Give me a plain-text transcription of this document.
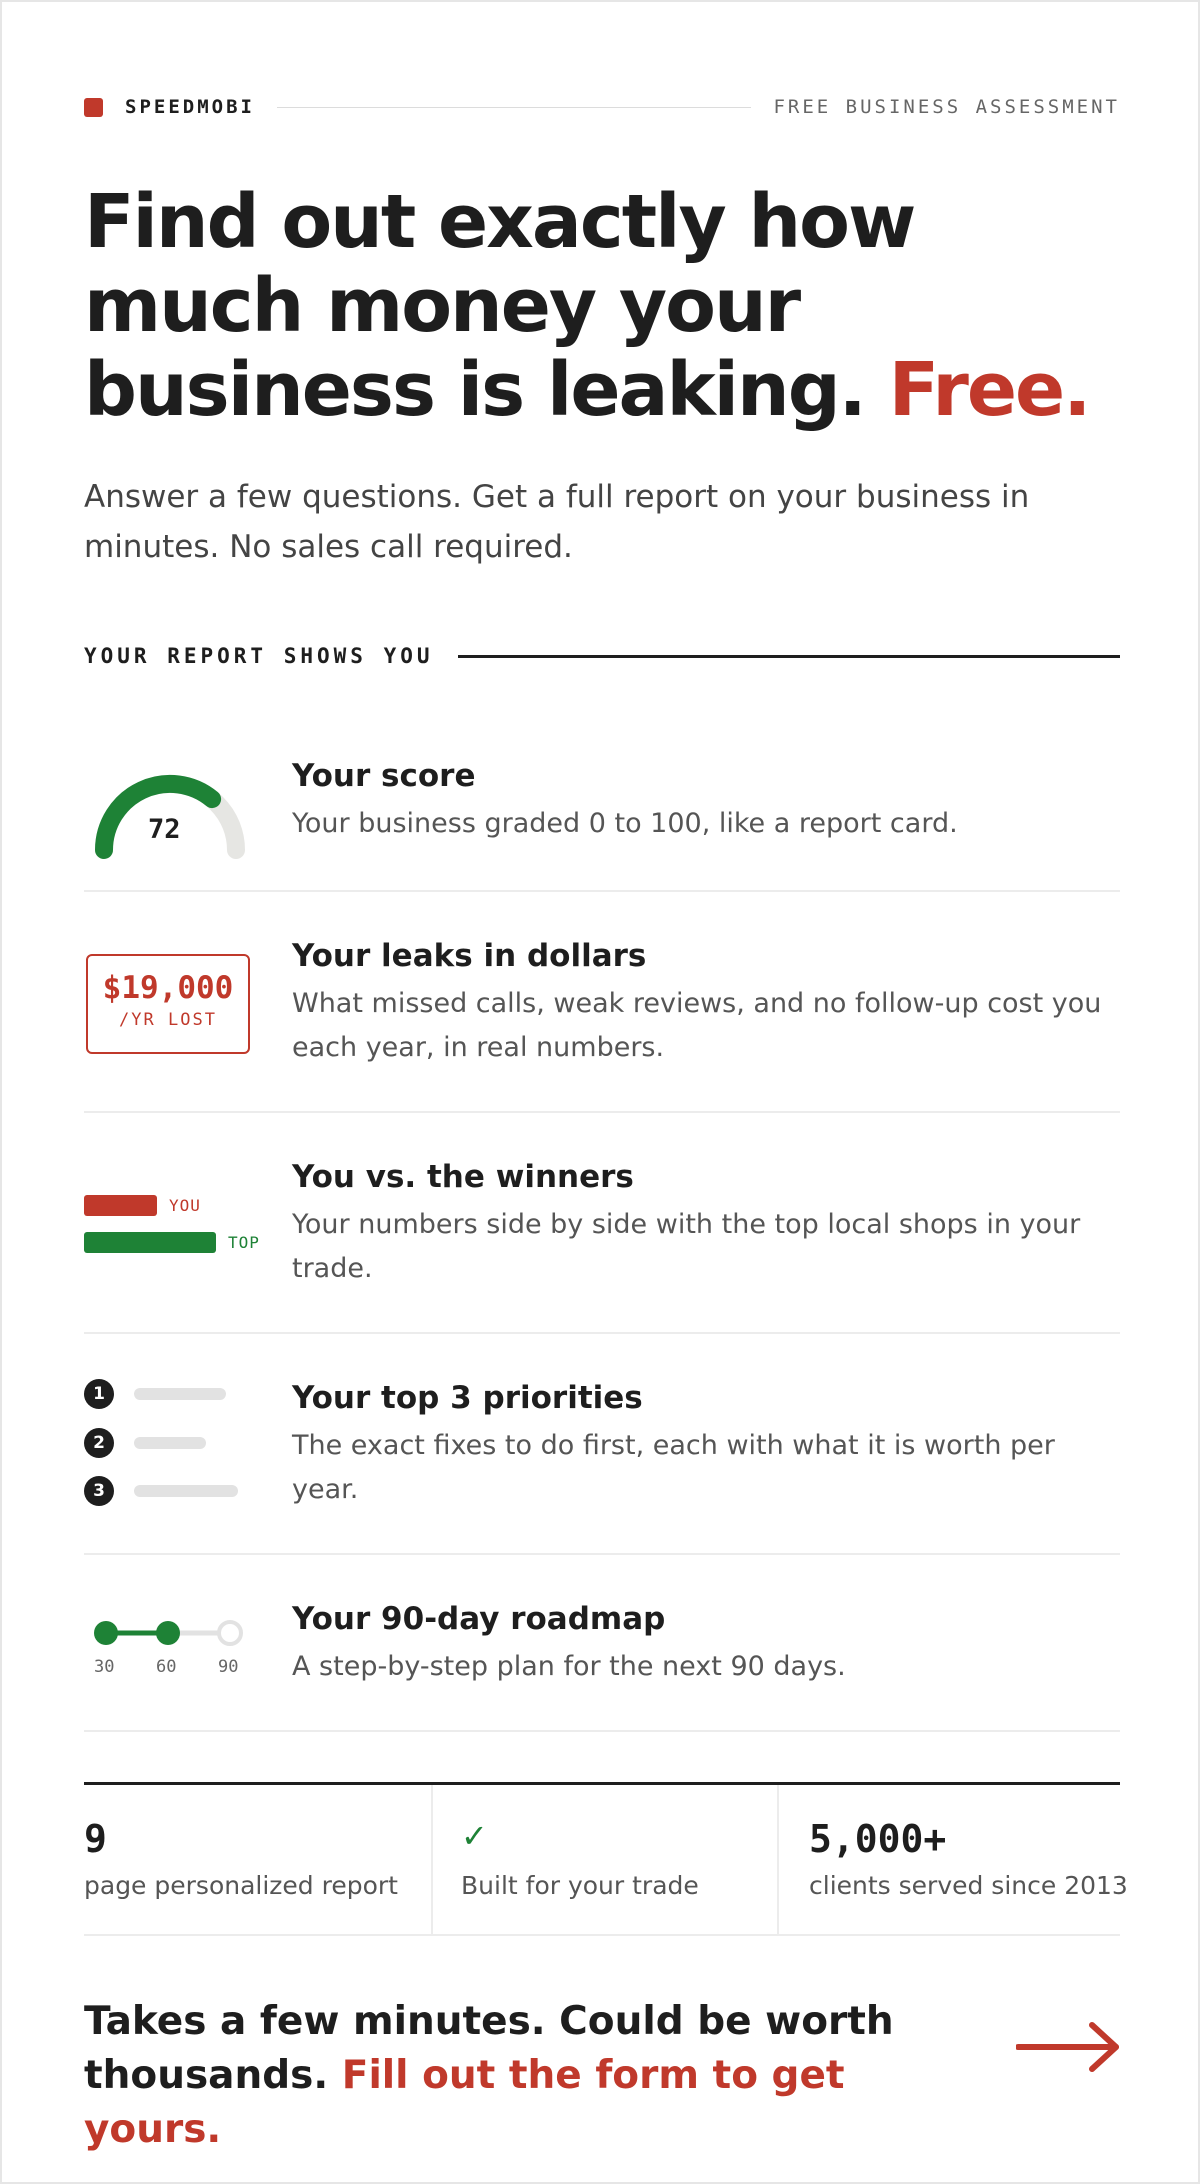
SPEEDMOBI	FREE BUSINESS ASSESSMENT
Find out exactly how much money your business is leaking. Free.

Answer a few questions. Get a full report on your business in minutes. No sales call required.

YOUR REPORT SHOWS YOU
72
Your score

Your business graded 0 to 100, like a report card.

$19,000
/YR LOST
Your leaks in dollars

What missed calls, weak reviews, and no follow-up cost you each year, in real numbers.

YOU
TOP
You vs. the winners

Your numbers side by side with the top local shops in your trade.

1
2
3
Your top 3 priorities

The exact fixes to do first, each with what it is worth per year.

30 60 90
Your 90-day roadmap

A step-by-step plan for the next 90 days.

9
page personalized report
✓
Built for your trade
5,000+
clients served since 2013

Takes a few minutes. Could be worth thousands. Fill out the form to get yours.
